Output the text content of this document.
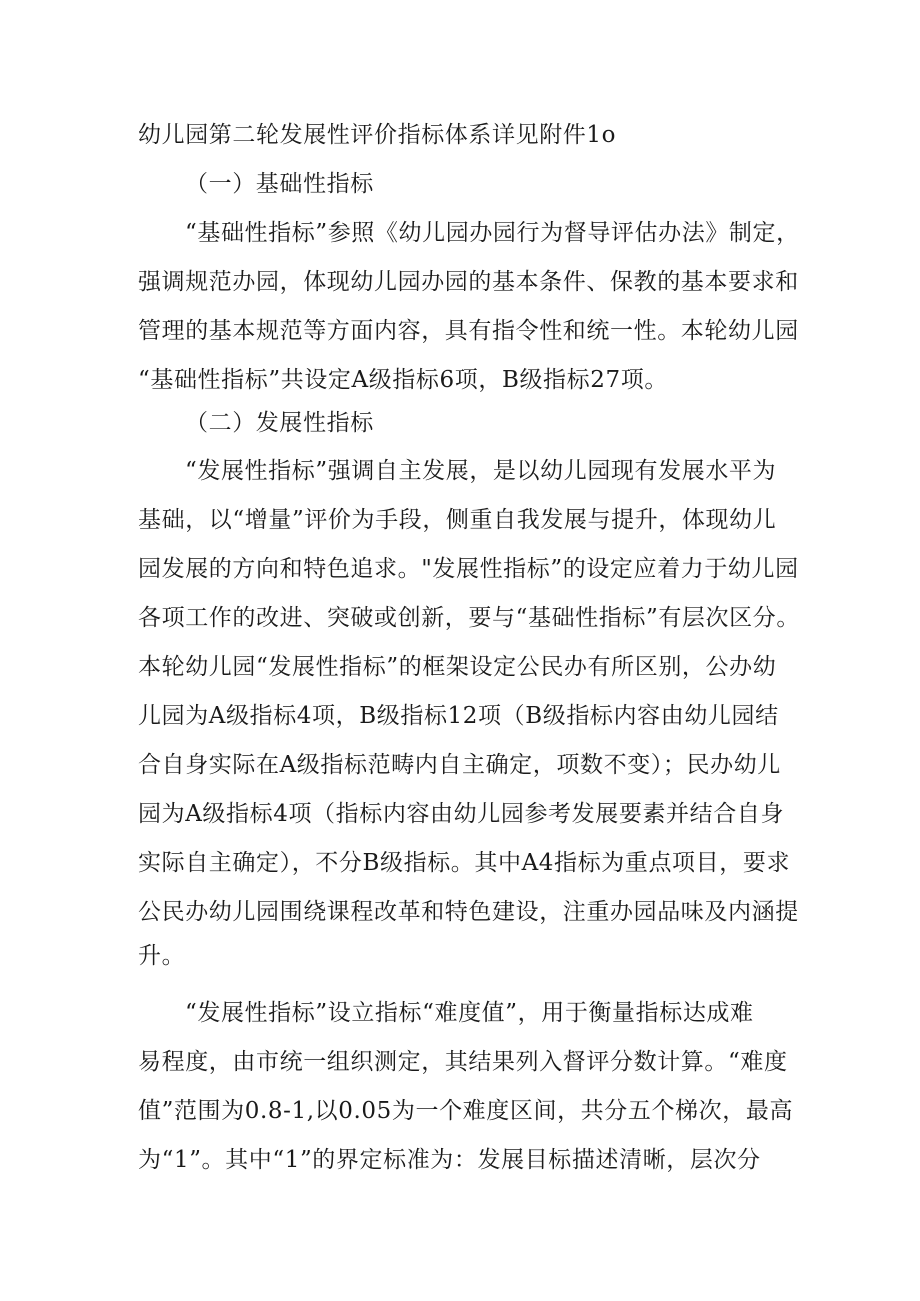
幼儿园第二轮发展性评价指标体系详见附件1o
（一）基础性指标
“基础性指标”参照《幼儿园办园行为督导评估办法》制定，
强调规范办园，体现幼儿园办园的基本条件、保教的基本要求和
管理的基本规范等方面内容，具有指令性和统一性。本轮幼儿园
“基础性指标”共设定A级指标6项，B级指标27项。
（二）发展性指标
“发展性指标”强调自主发展，是以幼儿园现有发展水平为
基础，以“增量”评价为手段，侧重自我发展与提升，体现幼儿
园发展的方向和特色追求。"发展性指标”的设定应着力于幼儿园
各项工作的改进、突破或创新，要与“基础性指标”有层次区分。
本轮幼儿园“发展性指标”的框架设定公民办有所区别，公办幼
儿园为A级指标4项，B级指标12项（B级指标内容由幼儿园结
合自身实际在A级指标范畴内自主确定，项数不变）；民办幼儿
园为A级指标4项（指标内容由幼儿园参考发展要素并结合自身
实际自主确定），不分B级指标。其中A4指标为重点项目，要求
公民办幼儿园围绕课程改革和特色建设，注重办园品味及内涵提
升。
“发展性指标”设立指标“难度值”，用于衡量指标达成难
易程度，由市统一组织测定，其结果列入督评分数计算。“难度
值”范围为0.8-1,以0.05为一个难度区间，共分五个梯次，最高
为“1”。其中“1”的界定标准为：发展目标描述清晰，层次分
